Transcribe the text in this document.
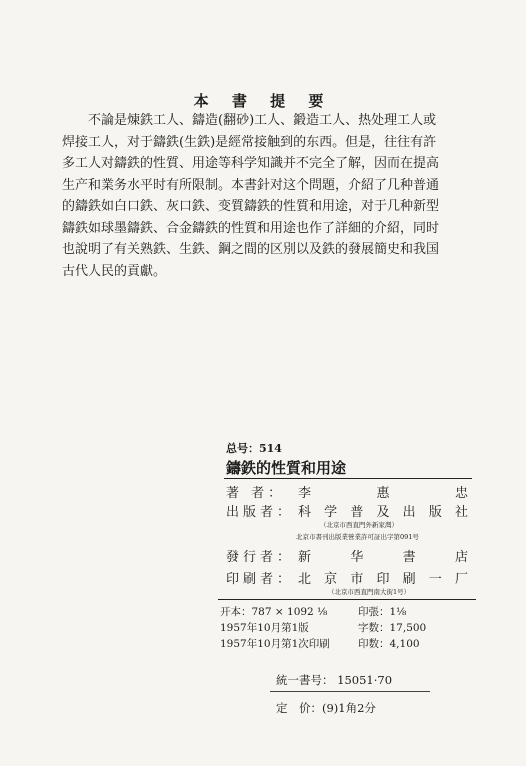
本 書 提 要
不論是煉鉄工人、鑄造(翻砂)工人、鍛造工人、热处理工人或
焊接工人，对于鑄鉄(生鉄)是經常接触到的东西。但是，往往有許
多工人对鑄鉄的性質、用途等科学知識并不完全了解，因而在提高
生产和業务水平时有所限制。本書針对这个問題，介紹了几种普通
的鑄鉄如白口鉄、灰口鉄、变質鑄鉄的性質和用途，对于几种新型
鑄鉄如球墨鑄鉄、合金鑄鉄的性質和用途也作了詳細的介紹，同时
也說明了有关熟鉄、生鉄、鋼之間的区別以及鉄的發展簡史和我国
古代人民的貢獻。
总号：514
鑄鉄的性質和用途
著 者： 李 惠 忠
出版者： 科 学 普 及 出 版 社
（北京市西直門外新家灣）
北京市書刊出版業營業許可証出字第091号
發行者： 新 华 書 店
印刷者： 北 京 市 印 刷 一 厂
（北京市西直門南大街1号）
开本：787 × 1092 ⅛	印張：1⅛
1957年10月第1版	字数：17,500
1957年10月第1次印刷	印数：4,100
統一書号： 15051·70
定　价：(9)1角2分
